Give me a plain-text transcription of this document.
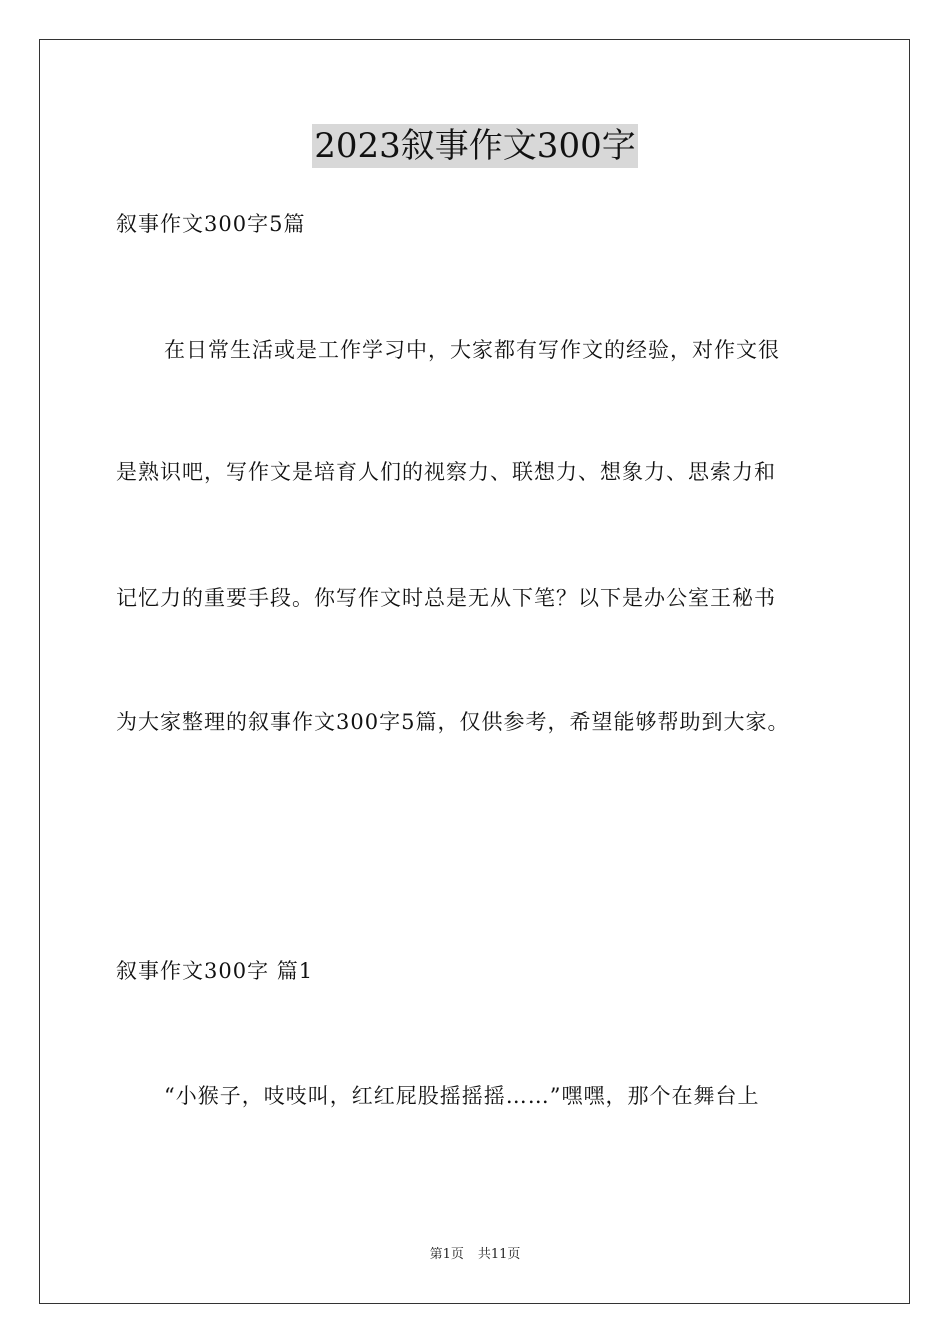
2023叙事作文300字
叙事作文300字5篇
在日常生活或是工作学习中，大家都有写作文的经验，对作文很
是熟识吧，写作文是培育人们的视察力、联想力、想象力、思索力和
记忆力的重要手段。你写作文时总是无从下笔？以下是办公室王秘书
为大家整理的叙事作文300字5篇，仅供参考，希望能够帮助到大家。
叙事作文300字 篇1
“小猴子，吱吱叫，红红屁股摇摇摇……”嘿嘿，那个在舞台上
第1页 共11页
